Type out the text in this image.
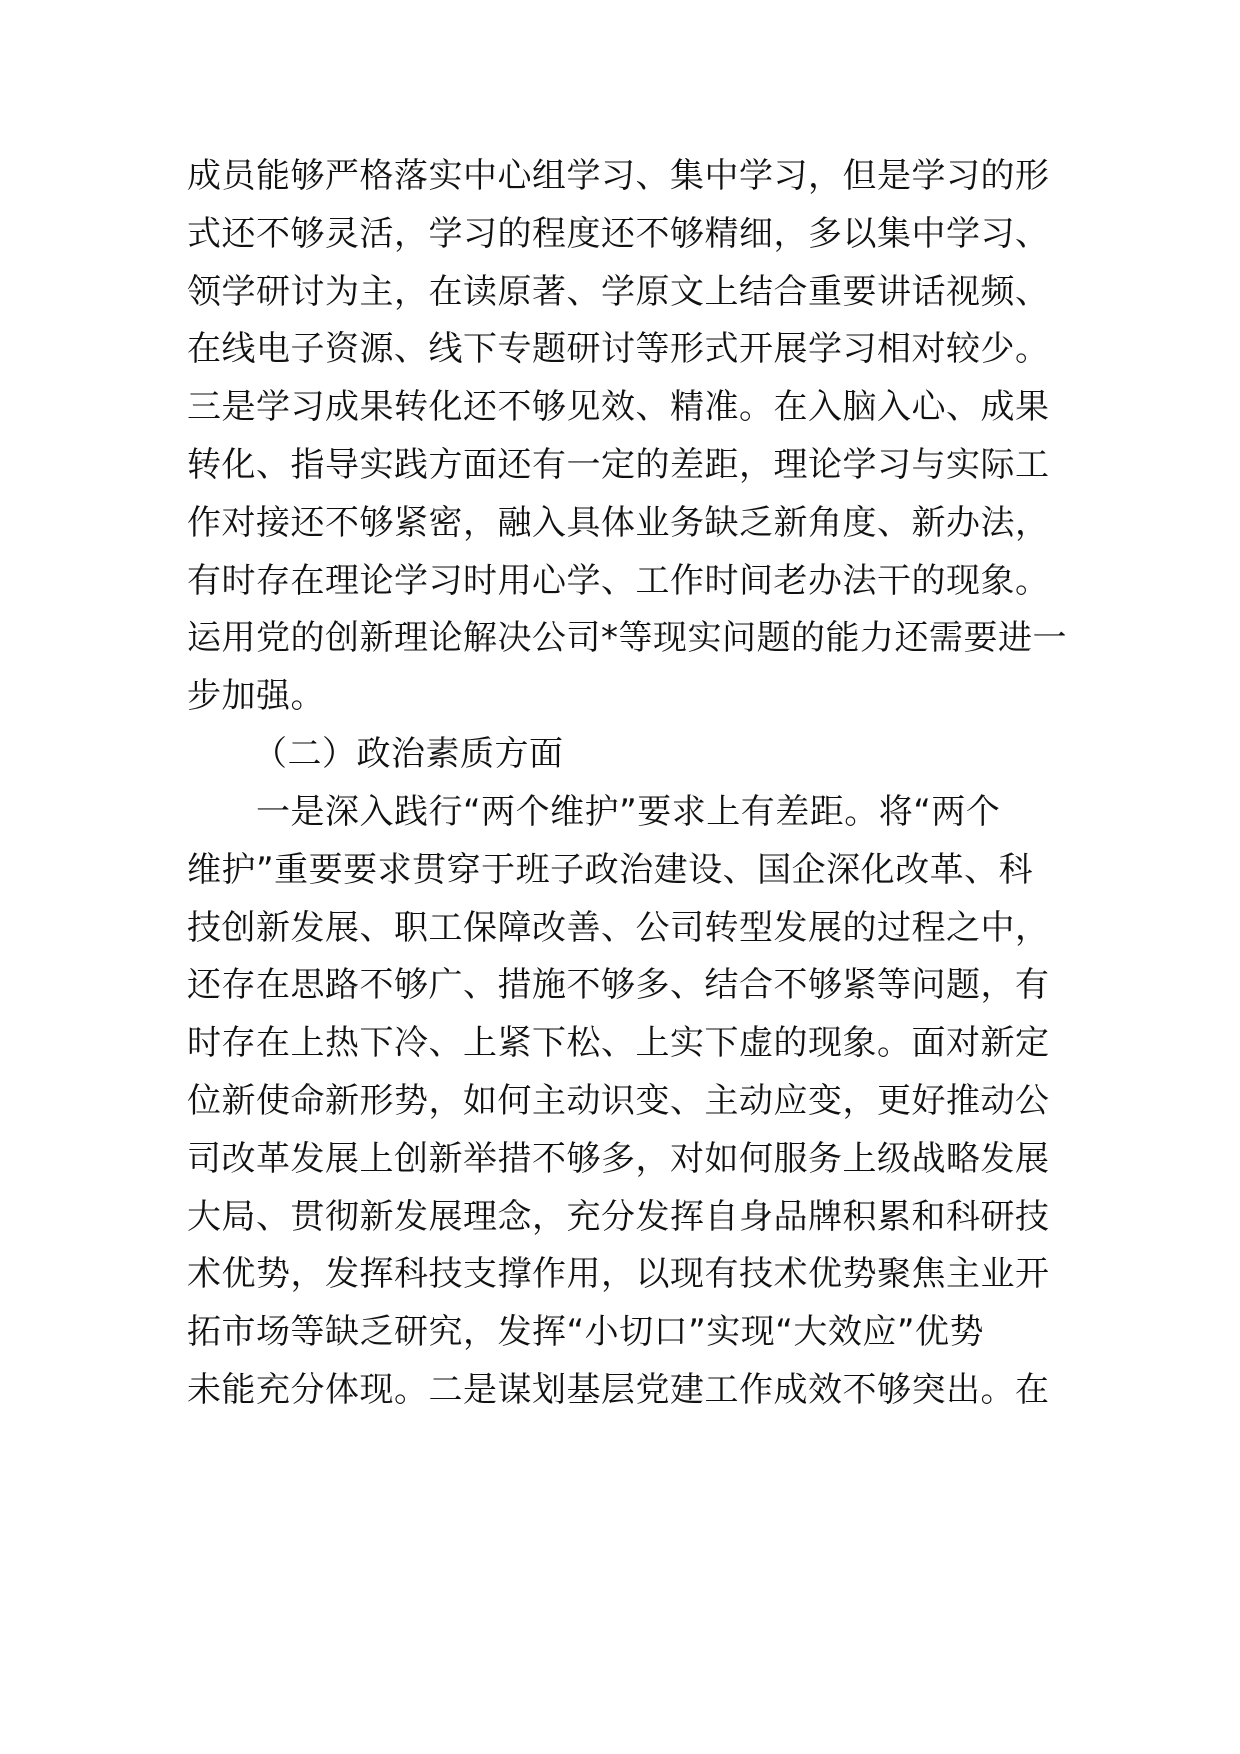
成员能够严格落实中心组学习、集中学习，但是学习的形
式还不够灵活，学习的程度还不够精细，多以集中学习、
领学研讨为主，在读原著、学原文上结合重要讲话视频、
在线电子资源、线下专题研讨等形式开展学习相对较少。
三是学习成果转化还不够见效、精准。在入脑入心、成果
转化、指导实践方面还有一定的差距，理论学习与实际工
作对接还不够紧密，融入具体业务缺乏新角度、新办法，
有时存在理论学习时用心学、工作时间老办法干的现象。
运用党的创新理论解决公司*等现实问题的能力还需要进一
步加强。
（二）政治素质方面
一是深入践行“两个维护”要求上有差距。将“两个
维护”重要要求贯穿于班子政治建设、国企深化改革、科
技创新发展、职工保障改善、公司转型发展的过程之中，
还存在思路不够广、措施不够多、结合不够紧等问题，有
时存在上热下冷、上紧下松、上实下虚的现象。面对新定
位新使命新形势，如何主动识变、主动应变，更好推动公
司改革发展上创新举措不够多，对如何服务上级战略发展
大局、贯彻新发展理念，充分发挥自身品牌积累和科研技
术优势，发挥科技支撑作用，以现有技术优势聚焦主业开
拓市场等缺乏研究，发挥“小切口”实现“大效应”优势
未能充分体现。二是谋划基层党建工作成效不够突出。在
